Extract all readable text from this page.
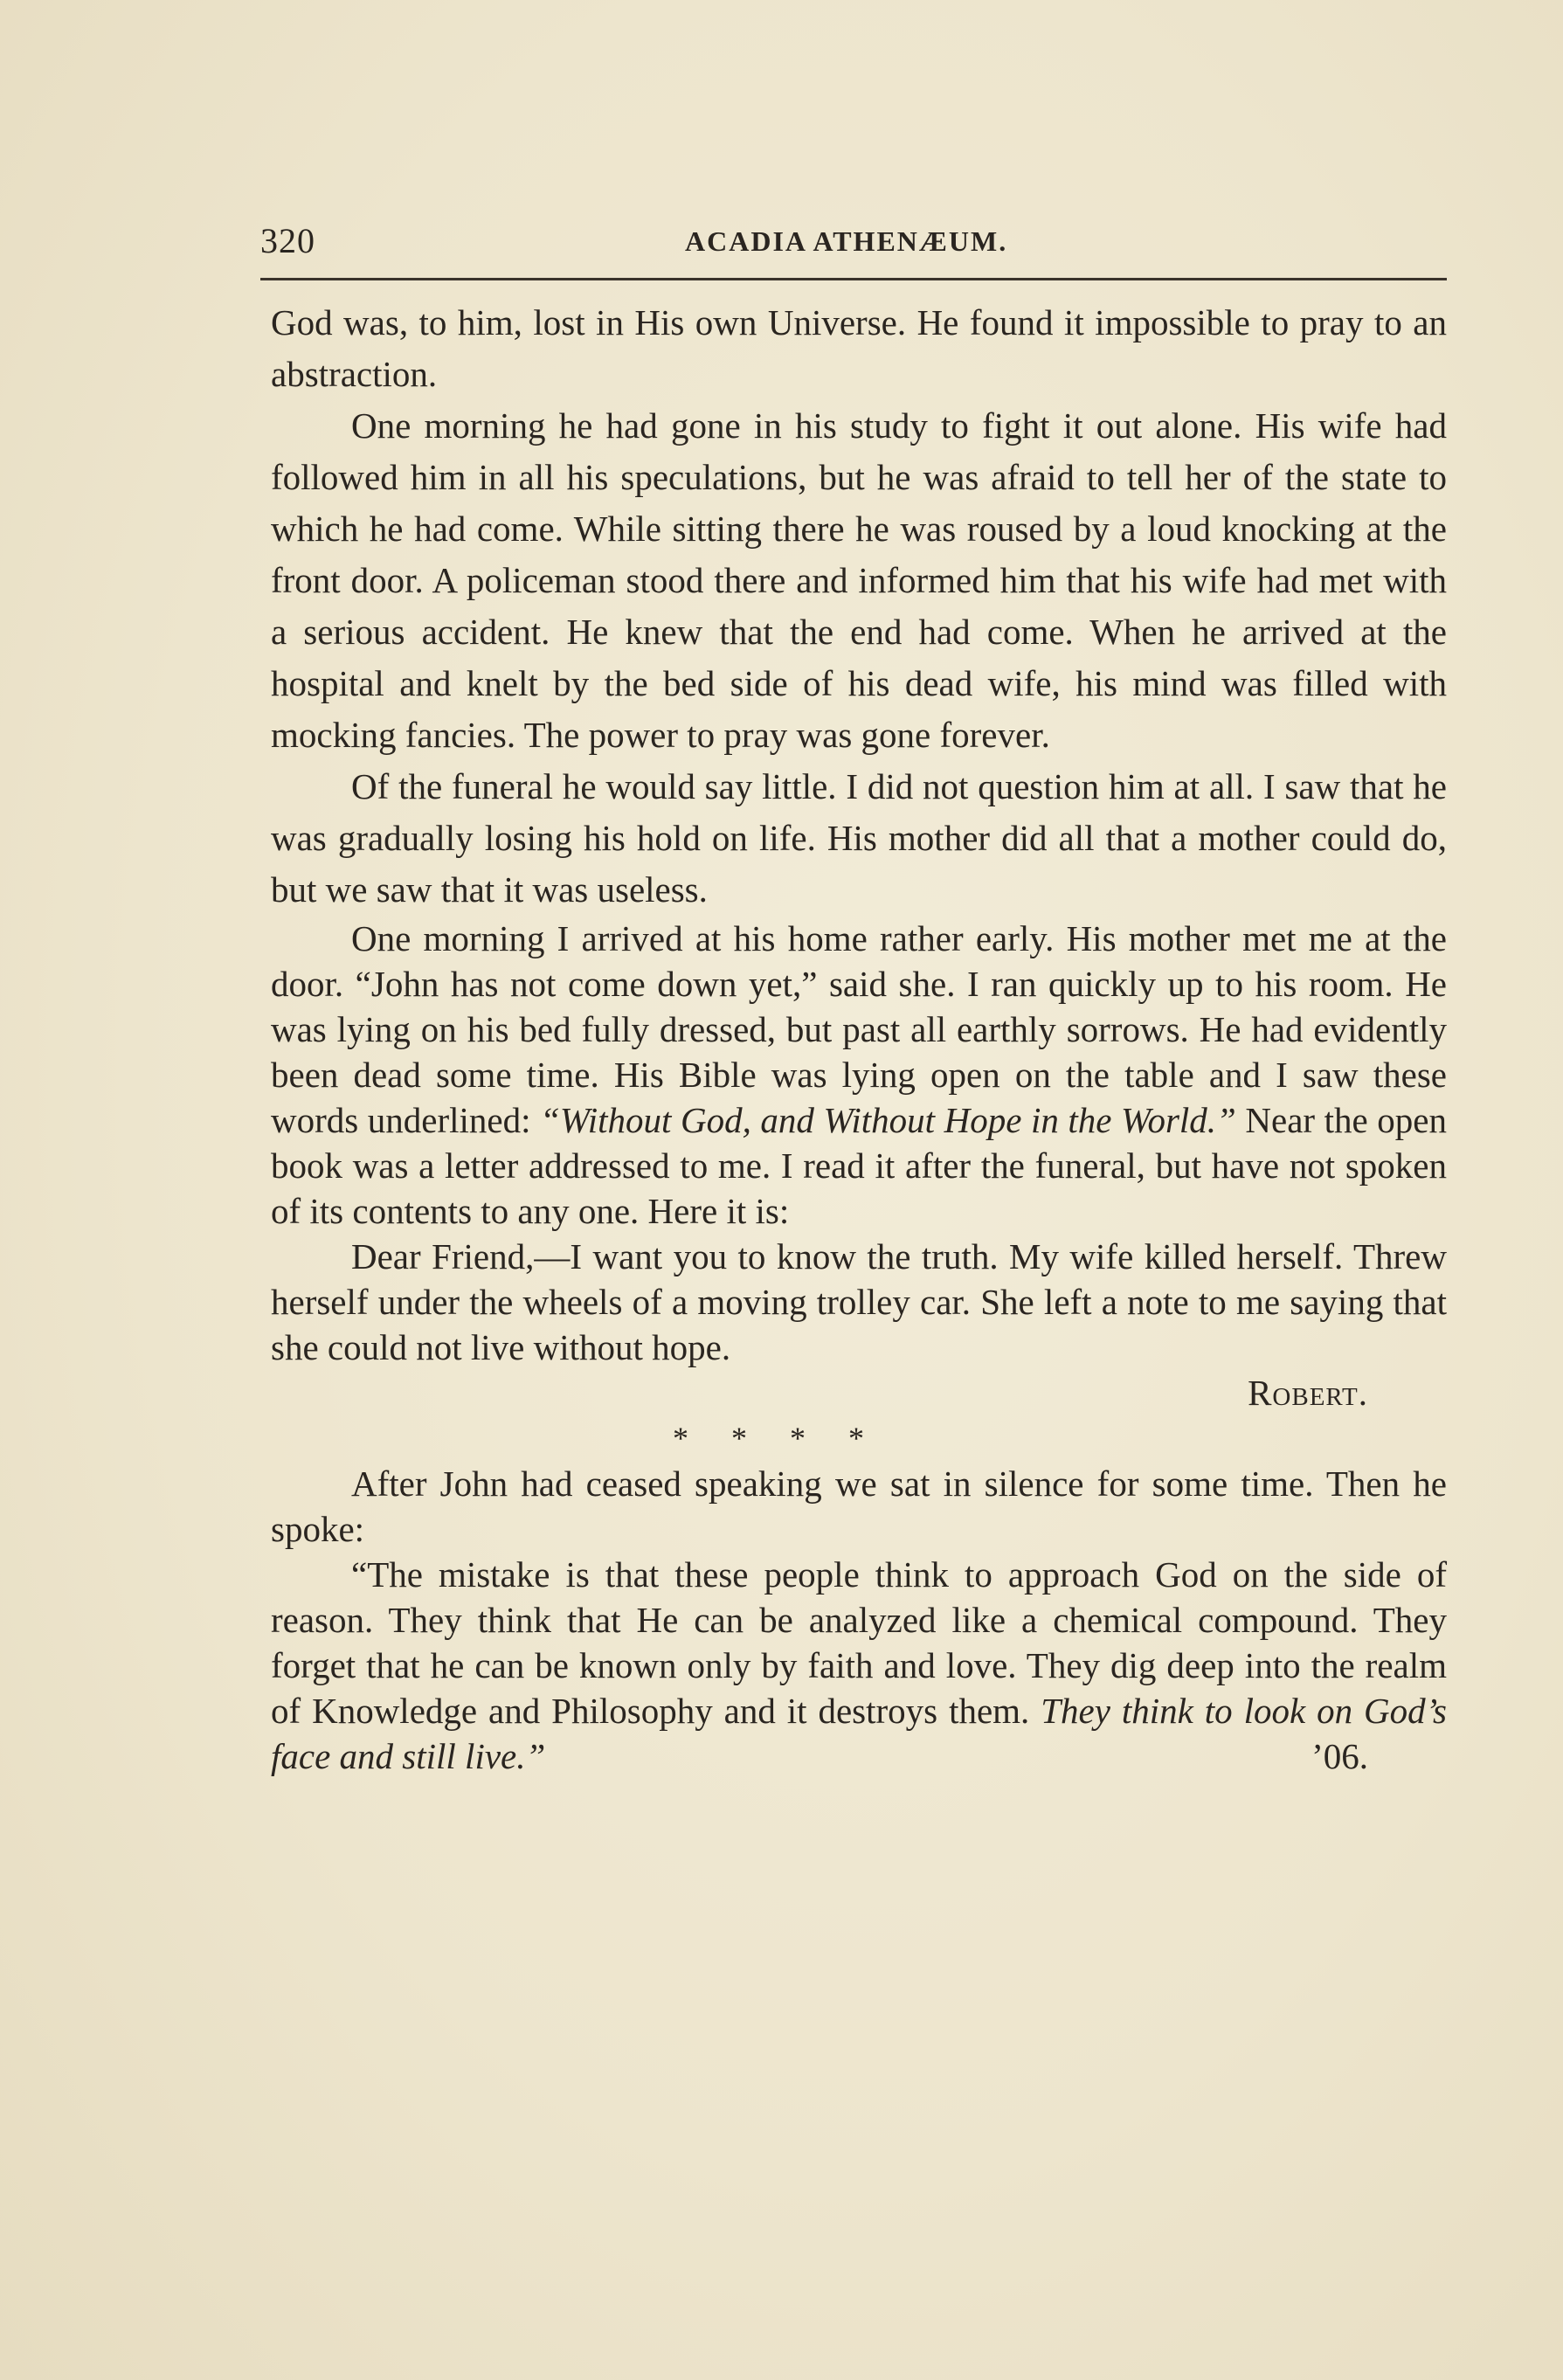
320	ACADIA ATHENÆUM.

God was, to him, lost in His own Universe. He found it impossible to pray to an abstraction.

One morning he had gone in his study to fight it out alone. His wife had followed him in all his speculations, but he was afraid to tell her of the state to which he had come. While sitting there he was roused by a loud knocking at the front door. A policeman stood there and informed him that his wife had met with a serious accident. He knew that the end had come. When he arrived at the hospital and knelt by the bed side of his dead wife, his mind was filled with mocking fancies. The power to pray was gone forever.

Of the funeral he would say little. I did not question him at all. I saw that he was gradually losing his hold on life. His mother did all that a mother could do, but we saw that it was useless.

One morning I arrived at his home rather early. His mother met me at the door. “John has not come down yet,” said she. I ran quickly up to his room. He was lying on his bed fully dressed, but past all earthly sorrows. He had evidently been dead some time. His Bible was lying open on the table and I saw these words underlined: “Without God, and Without Hope in the World.” Near the open book was a letter addressed to me. I read it after the funeral, but have not spoken of its contents to any one. Here it is:

Dear Friend,—I want you to know the truth. My wife killed herself. Threw herself under the wheels of a moving trolley car. She left a note to me saying that she could not live without hope.

Robert.

* * * *

After John had ceased speaking we sat in silence for some time. Then he spoke:

“The mistake is that these people think to approach God on the side of reason. They think that He can be analyzed like a chemical compound. They forget that he can be known only by faith and love. They dig deep into the realm of Knowledge and Philosophy and it destroys them. They think to look on God’s face and still live.”	’06.
